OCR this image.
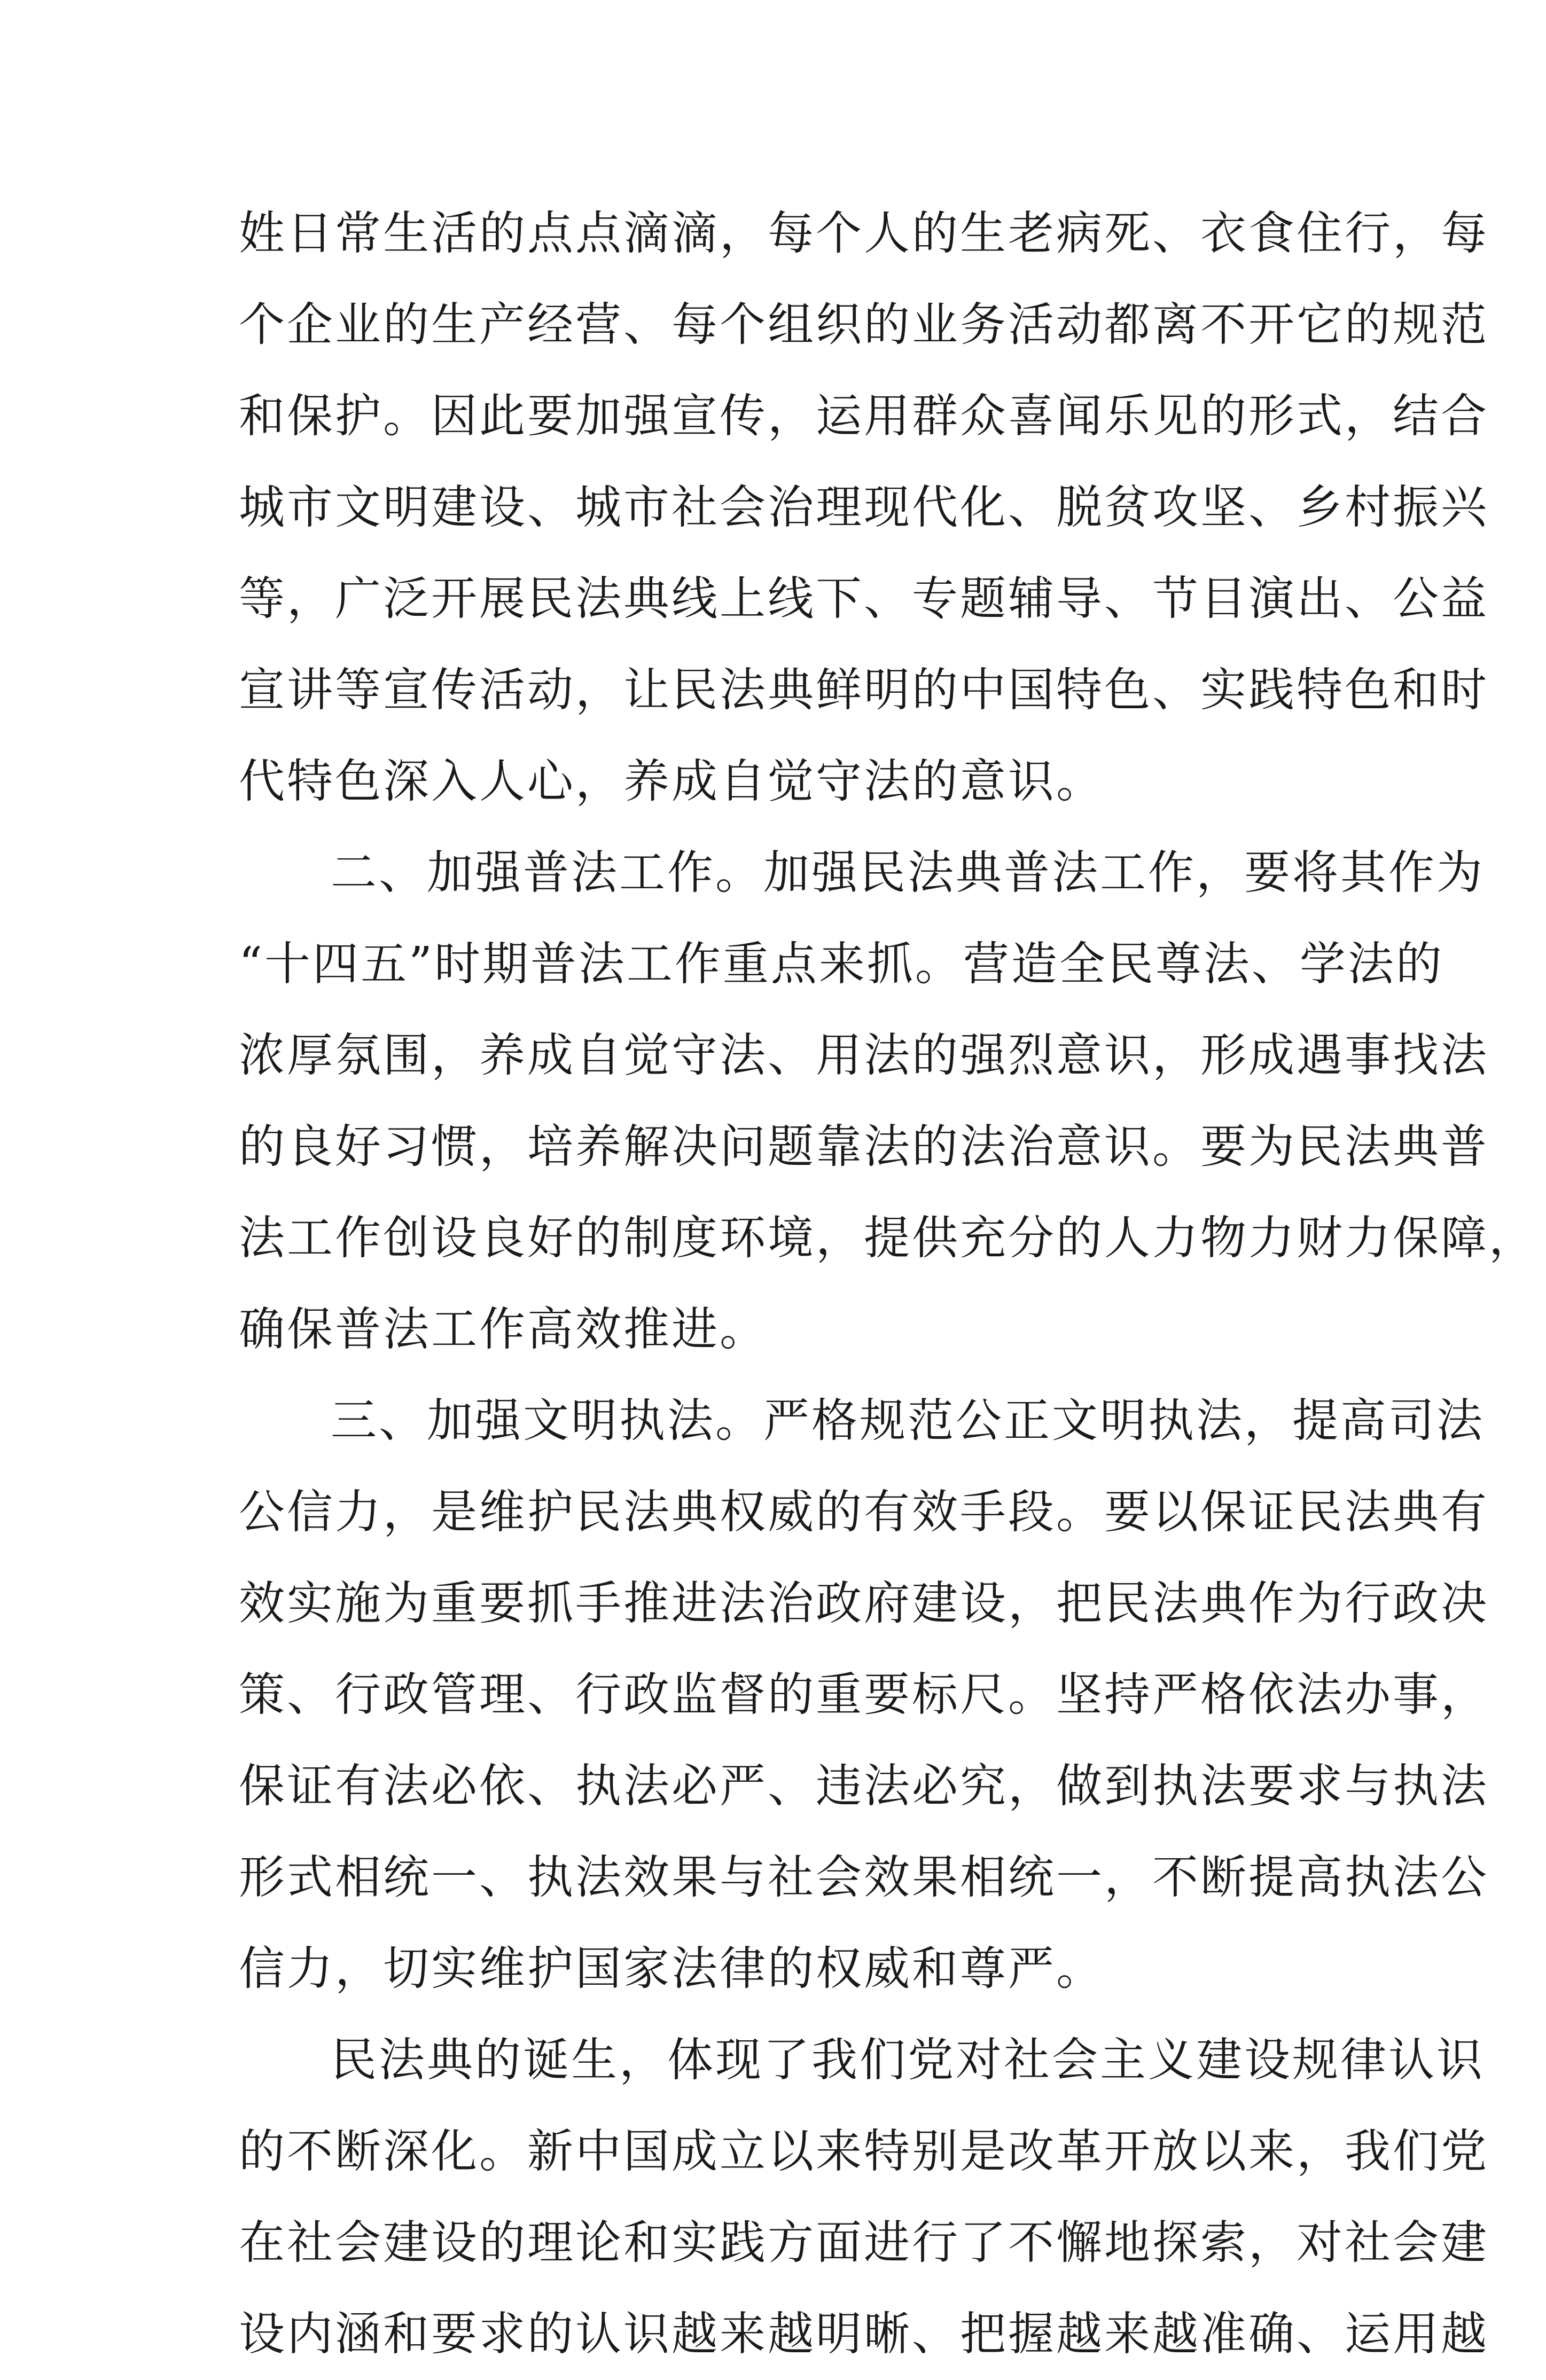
姓日常生活的点点滴滴，每个人的生老病死、衣食住行，每
个企业的生产经营、每个组织的业务活动都离不开它的规范
和保护。因此要加强宣传，运用群众喜闻乐见的形式，结合
城市文明建设、城市社会治理现代化、脱贫攻坚、乡村振兴
等，广泛开展民法典线上线下、专题辅导、节目演出、公益
宣讲等宣传活动，让民法典鲜明的中国特色、实践特色和时
代特色深入人心，养成自觉守法的意识。
二、加强普法工作。加强民法典普法工作，要将其作为
“十四五”时期普法工作重点来抓。营造全民尊法、学法的
浓厚氛围，养成自觉守法、用法的强烈意识，形成遇事找法
的良好习惯，培养解决问题靠法的法治意识。要为民法典普
法工作创设良好的制度环境，提供充分的人力物力财力保障，
确保普法工作高效推进。
三、加强文明执法。严格规范公正文明执法，提高司法
公信力，是维护民法典权威的有效手段。要以保证民法典有
效实施为重要抓手推进法治政府建设，把民法典作为行政决
策、行政管理、行政监督的重要标尺。坚持严格依法办事，
保证有法必依、执法必严、违法必究，做到执法要求与执法
形式相统一、执法效果与社会效果相统一，不断提高执法公
信力，切实维护国家法律的权威和尊严。
民法典的诞生，体现了我们党对社会主义建设规律认识
的不断深化。新中国成立以来特别是改革开放以来，我们党
在社会建设的理论和实践方面进行了不懈地探索，对社会建
设内涵和要求的认识越来越明晰、把握越来越准确、运用越
